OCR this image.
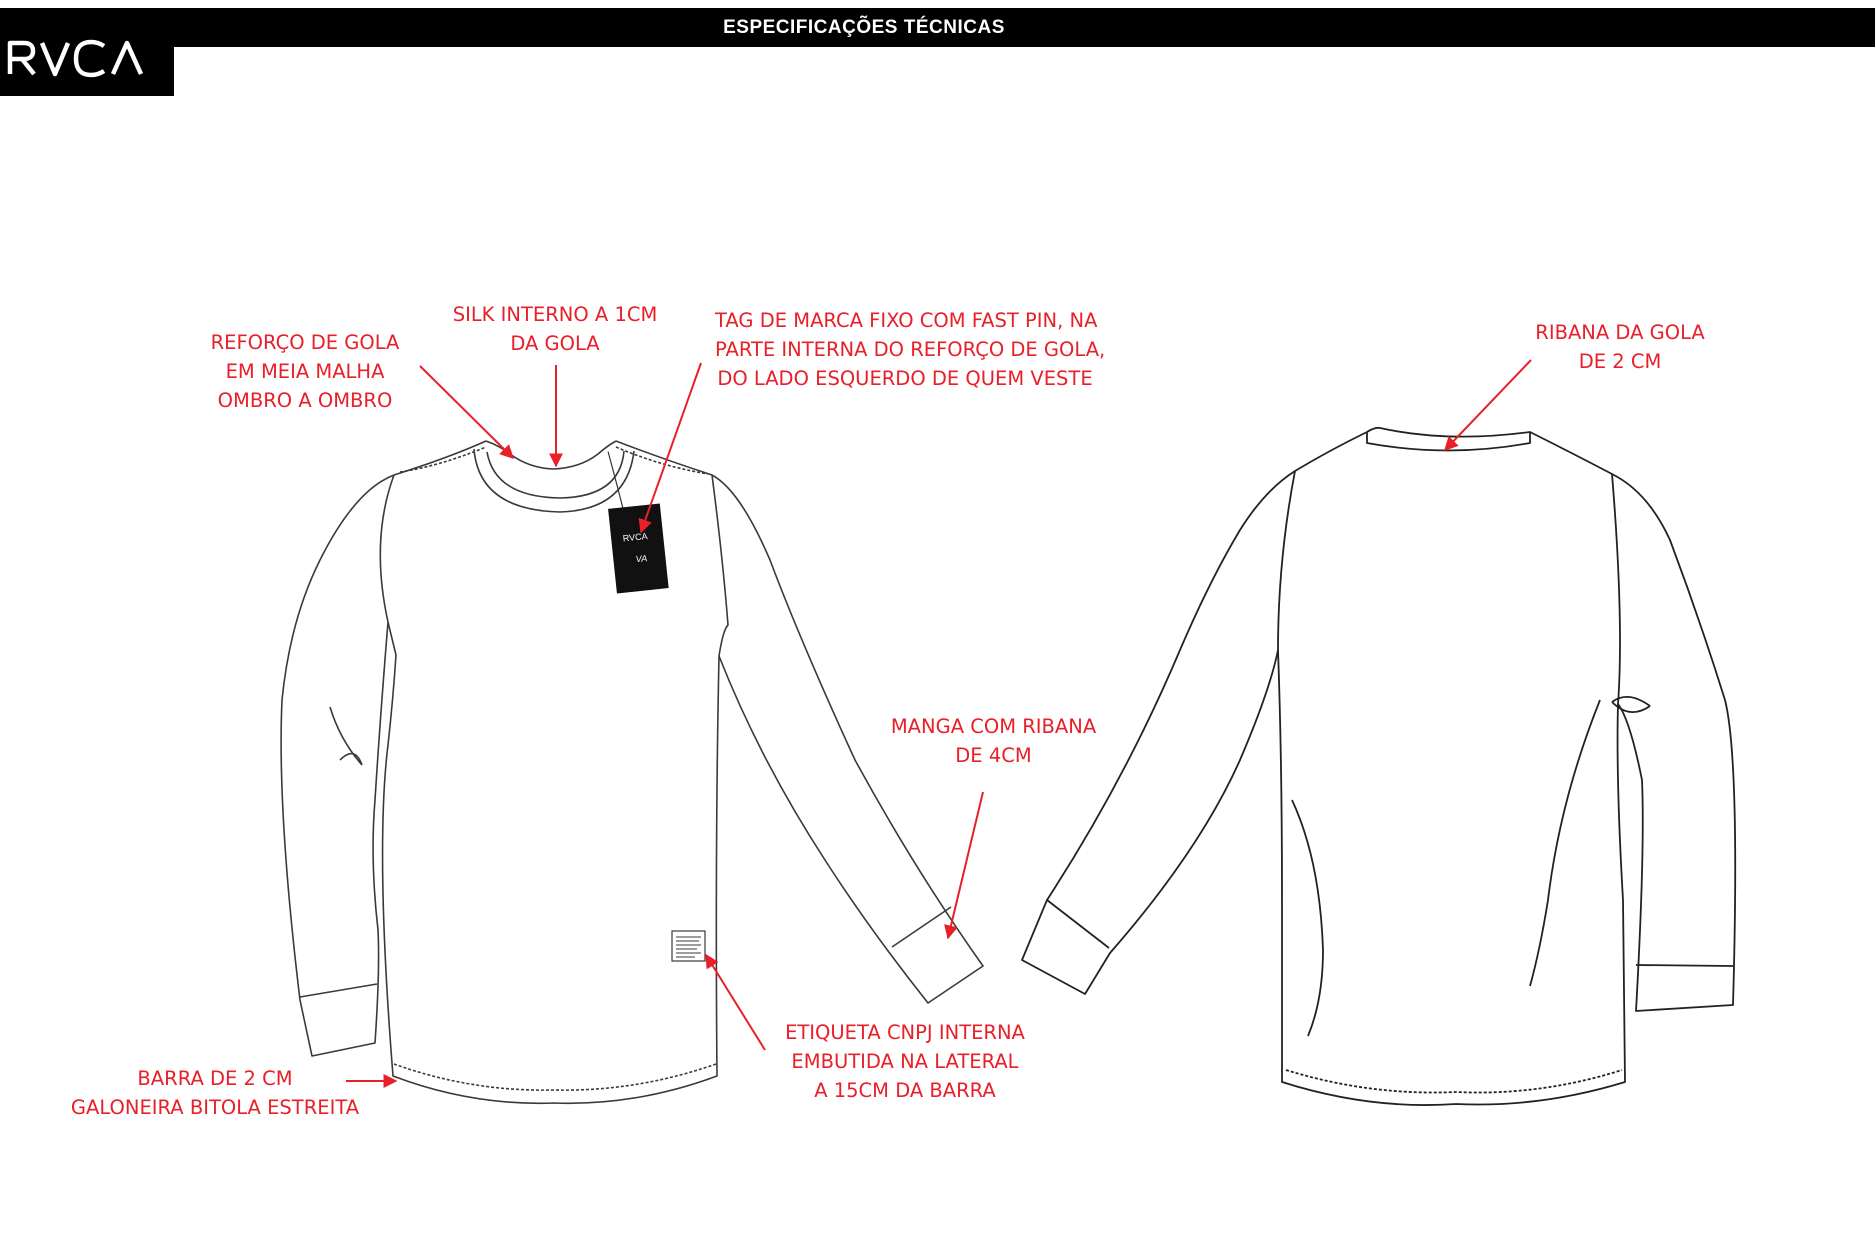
ESPECIFICAÇÕES TÉCNICAS
RVCA
VA
REFORÇO DE GOLA
EM MEIA MALHA
OMBRO A OMBRO
SILK INTERNO A 1CM
DA GOLA
TAG DE MARCA FIXO COM FAST PIN, NA
PARTE INTERNA DO REFORÇO DE GOLA,
DO LADO ESQUERDO DE QUEM VESTE
RIBANA DA GOLA
DE 2 CM
MANGA COM RIBANA
DE 4CM
ETIQUETA CNPJ INTERNA
EMBUTIDA NA LATERAL
A 15CM DA BARRA
BARRA DE 2 CM
GALONEIRA BITOLA ESTREITA
